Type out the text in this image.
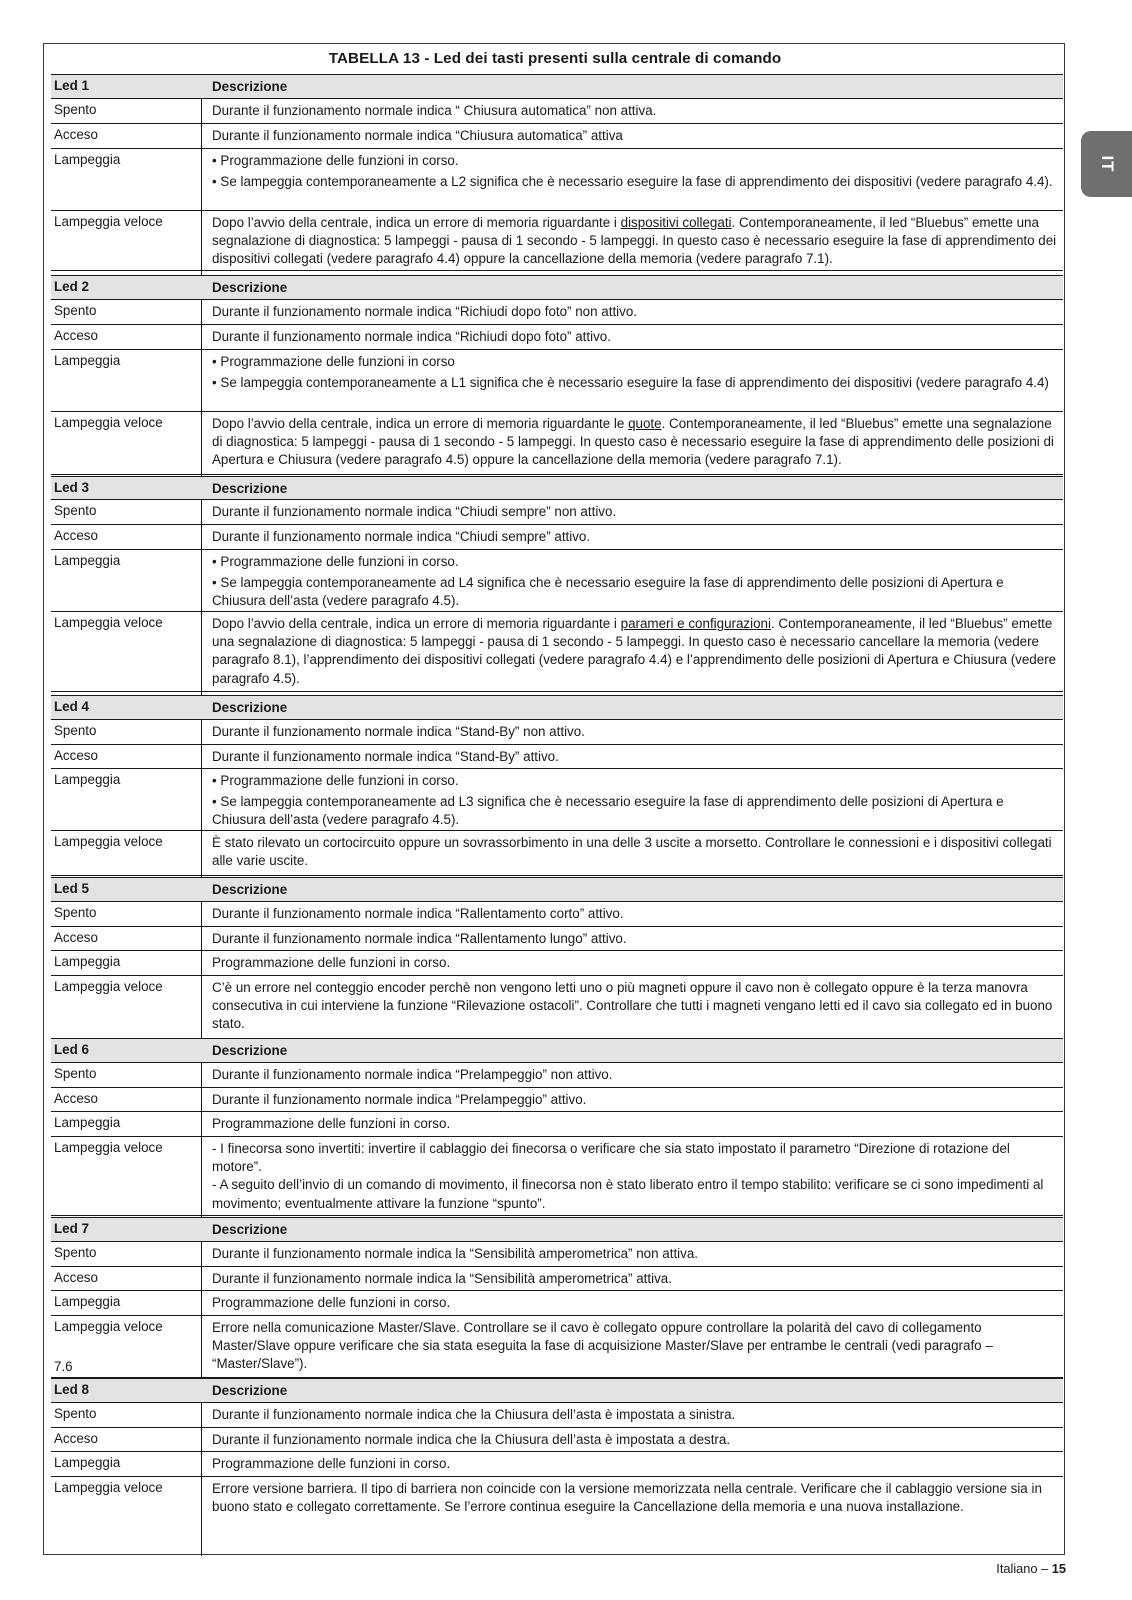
IT
TABELLA 13 - Led dei tasti presenti sulla centrale di comando
Led 1	Descrizione
Spento	Durante il funzionamento normale indica “ Chiusura automatica” non attiva.

Acceso	Durante il funzionamento normale indica “Chiusura automatica” attiva

Lampeggia	• Programmazione delle funzioni in corso.

• Se lampeggia contemporaneamente a L2 significa che è necessario eseguire la fase di apprendimento dei dispositivi (vedere paragrafo 4.4).

Lampeggia veloce	Dopo l’avvio della centrale, indica un errore di memoria riguardante i dispositivi collegati. Contemporaneamente, il led “Bluebus” emette una segnalazione di diagnostica: 5 lampeggi - pausa di 1 secondo - 5 lampeggi. In questo caso è necessario eseguire la fase di apprendimento dei dispositivi collegati (vedere paragrafo 4.4) oppure la cancellazione della memoria (vedere paragrafo 7.1).
Led 2	Descrizione
Spento	Durante il funzionamento normale indica “Richiudi dopo foto” non attivo.

Acceso	Durante il funzionamento normale indica “Richiudi dopo foto” attivo.

Lampeggia	• Programmazione delle funzioni in corso

• Se lampeggia contemporaneamente a L1 significa che è necessario eseguire la fase di apprendimento dei dispositivi (vedere paragrafo 4.4)

Lampeggia veloce	Dopo l’avvio della centrale, indica un errore di memoria riguardante le quote. Contemporaneamente, il led “Bluebus” emette una segnalazione di diagnostica: 5 lampeggi - pausa di 1 secondo - 5 lampeggi. In questo caso è necessario eseguire la fase di apprendimento delle posizioni di Apertura e Chiusura (vedere paragrafo 4.5) oppure la cancellazione della memoria (vedere paragrafo 7.1).
Led 3	Descrizione
Spento	Durante il funzionamento normale indica “Chiudi sempre” non attivo.

Acceso	Durante il funzionamento normale indica “Chiudi sempre” attivo.

Lampeggia	• Programmazione delle funzioni in corso.

• Se lampeggia contemporaneamente ad L4 significa che è necessario eseguire la fase di apprendimento delle posizioni di Apertura e Chiusura dell’asta (vedere paragrafo 4.5).

Lampeggia veloce	Dopo l’avvio della centrale, indica un errore di memoria riguardante i parameri e configurazioni. Contemporaneamente, il led “Bluebus” emette una segnalazione di diagnostica: 5 lampeggi - pausa di 1 secondo - 5 lampeggi. In questo caso è necessario cancellare la memoria (vedere paragrafo 8.1), l’apprendimento dei dispositivi collegati (vedere paragrafo 4.4) e l’apprendimento delle posizioni di Apertura e Chiusura (vedere paragrafo 4.5).
Led 4	Descrizione
Spento	Durante il funzionamento normale indica “Stand-By” non attivo.

Acceso	Durante il funzionamento normale indica “Stand-By” attivo.

Lampeggia	• Programmazione delle funzioni in corso.

• Se lampeggia contemporaneamente ad L3 significa che è necessario eseguire la fase di apprendimento delle posizioni di Apertura e Chiusura dell’asta (vedere paragrafo 4.5).

Lampeggia veloce	È stato rilevato un cortocircuito oppure un sovrassorbimento in una delle 3 uscite a morsetto. Controllare le connessioni e i dispositivi collegati alle varie uscite.

Led 5	Descrizione
Spento	Durante il funzionamento normale indica “Rallentamento corto” attivo.

Acceso	Durante il funzionamento normale indica “Rallentamento lungo” attivo.

Lampeggia	Programmazione delle funzioni in corso.

Lampeggia veloce	C’è un errore nel conteggio encoder perchè non vengono letti uno o più magneti oppure il cavo non è collegato oppure è la terza manovra consecutiva in cui interviene la funzione “Rilevazione ostacoli”. Controllare che tutti i magneti vengano letti ed il cavo sia collegato ed in buono stato.

Led 6	Descrizione
Spento	Durante il funzionamento normale indica “Prelampeggio” non attivo.

Acceso	Durante il funzionamento normale indica “Prelampeggio” attivo.

Lampeggia	Programmazione delle funzioni in corso.

Lampeggia veloce	- I finecorsa sono invertiti: invertire il cablaggio dei finecorsa o verificare che sia stato impostato il parametro “Direzione di rotazione del motore”.
- A seguito dell’invio di un comando di movimento, il finecorsa non è stato liberato entro il tempo stabilito: verificare se ci sono impedimenti al movimento; eventualmente attivare la funzione “spunto”.
Led 7	Descrizione
Spento	Durante il funzionamento normale indica la “Sensibilità amperometrica” non attiva.

Acceso	Durante il funzionamento normale indica la “Sensibilità amperometrica” attiva.

Lampeggia	Programmazione delle funzioni in corso.

Lampeggia veloce	Errore nella comunicazione Master/Slave. Controllare se il cavo è collegato oppure controllare la polarità del cavo di collegamento Master/Slave oppure verificare che sia stata eseguita la fase di acquisizione Master/Slave per entrambe le centrali (vedi paragrafo – “Master/Slave”).

7.6
Led 8	Descrizione
Spento	Durante il funzionamento normale indica che la Chiusura dell’asta è impostata a sinistra.

Acceso	Durante il funzionamento normale indica che la Chiusura dell’asta è impostata a destra.

Lampeggia	Programmazione delle funzioni in corso.

Lampeggia veloce	Errore versione barriera. Il tipo di barriera non coincide con la versione memorizzata nella centrale. Verificare che il cablaggio versione sia in buono stato e collegato correttamente. Se l’errore continua eseguire la Cancellazione della memoria e una nuova installazione.

Italiano – 15
